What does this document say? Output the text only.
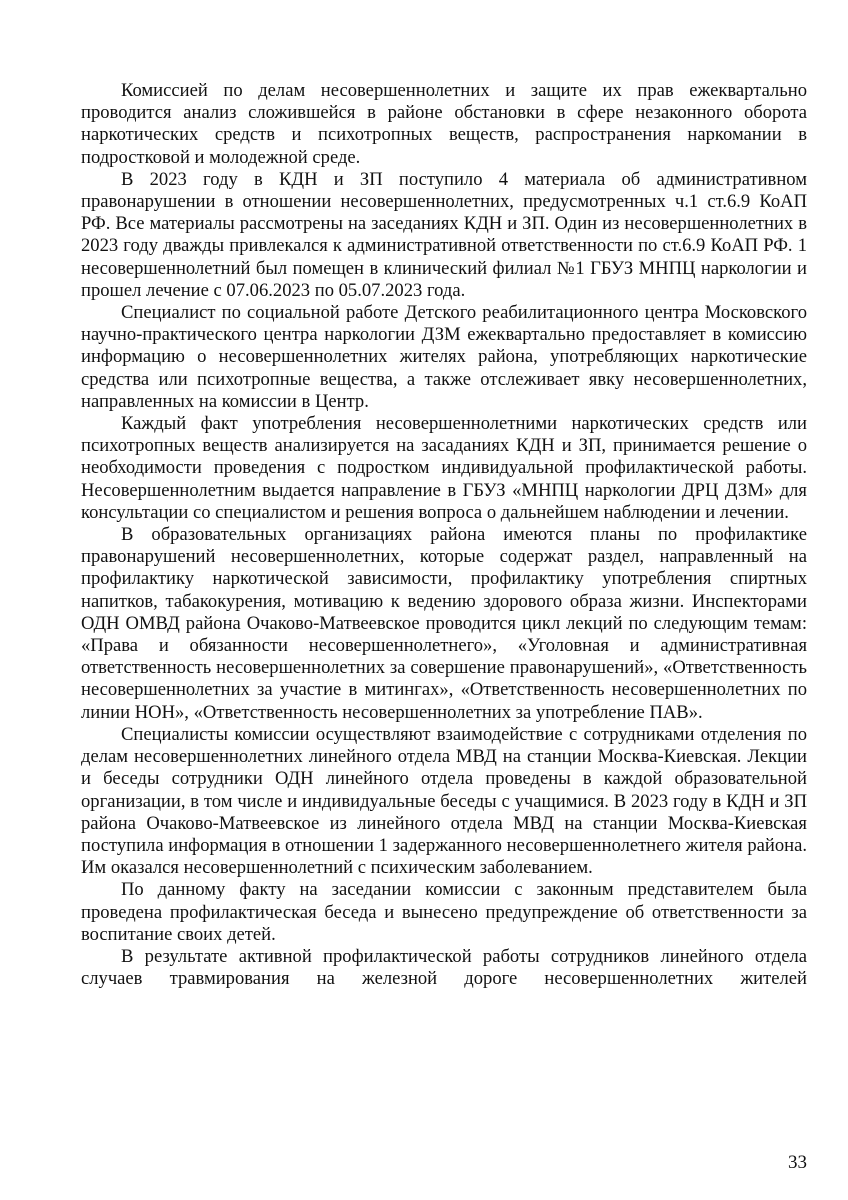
Комиссией по делам несовершеннолетних и защите их прав ежеквартально проводится анализ сложившейся в районе обстановки в сфере незаконного оборота наркотических средств и психотропных веществ, распространения наркомании в подростковой и молодежной среде.

В 2023 году в КДН и ЗП поступило 4 материала об административном правонарушении в отношении несовершеннолетних, предусмотренных ч.1 ст.6.9 КоАП РФ. Все материалы рассмотрены на заседаниях КДН и ЗП. Один из несовершеннолетних в 2023 году дважды привлекался к административной ответственности по ст.6.9 КоАП РФ. 1 несовершеннолетний был помещен в клинический филиал №1 ГБУЗ МНПЦ наркологии и прошел лечение с 07.06.2023 по 05.07.2023 года.

Специалист по социальной работе Детского реабилитационного центра Московского научно-практического центра наркологии ДЗМ ежеквартально предоставляет в комиссию информацию о несовершеннолетних жителях района, употребляющих наркотические средства или психотропные вещества, а также отслеживает явку несовершеннолетних, направленных на комиссии в Центр.

Каждый факт употребления несовершеннолетними наркотических средств или психотропных веществ анализируется на засаданиях КДН и ЗП, принимается решение о необходимости проведения с подростком индивидуальной профилактической работы. Несовершеннолетним выдается направление в ГБУЗ «МНПЦ наркологии ДРЦ ДЗМ» для консультации со специалистом и решения вопроса о дальнейшем наблюдении и лечении.

В образовательных организациях района имеются планы по профилактике правонарушений несовершеннолетних, которые содержат раздел, направленный на профилактику наркотической зависимости, профилактику употребления спиртных напитков, табакокурения, мотивацию к ведению здорового образа жизни. Инспекторами ОДН ОМВД района Очаково-Матвеевское проводится цикл лекций по следующим темам: «Права и обязанности несовершеннолетнего», «Уголовная и административная ответственность несовершеннолетних за совершение правонарушений», «Ответственность несовершеннолетних за участие в митингах», «Ответственность несовершеннолетних по линии НОН», «Ответственность несовершеннолетних за употребление ПАВ».

Специалисты комиссии осуществляют взаимодействие с сотрудниками отделения по делам несовершеннолетних линейного отдела МВД на станции Москва-Киевская. Лекции и беседы сотрудники ОДН линейного отдела проведены в каждой образовательной организации, в том числе и индивидуальные беседы с учащимися. В 2023 году в КДН и ЗП района Очаково-Матвеевское из линейного отдела МВД на станции Москва-Киевская поступила информация в отношении 1 задержанного несовершеннолетнего жителя района. Им оказался несовершеннолетний с психическим заболеванием.

По данному факту на заседании комиссии с законным представителем была проведена профилактическая беседа и вынесено предупреждение об ответственности за воспитание своих детей.

В результате активной профилактической работы сотрудников линейного отдела случаев травмирования на железной дороге несовершеннолетних жителей

33
